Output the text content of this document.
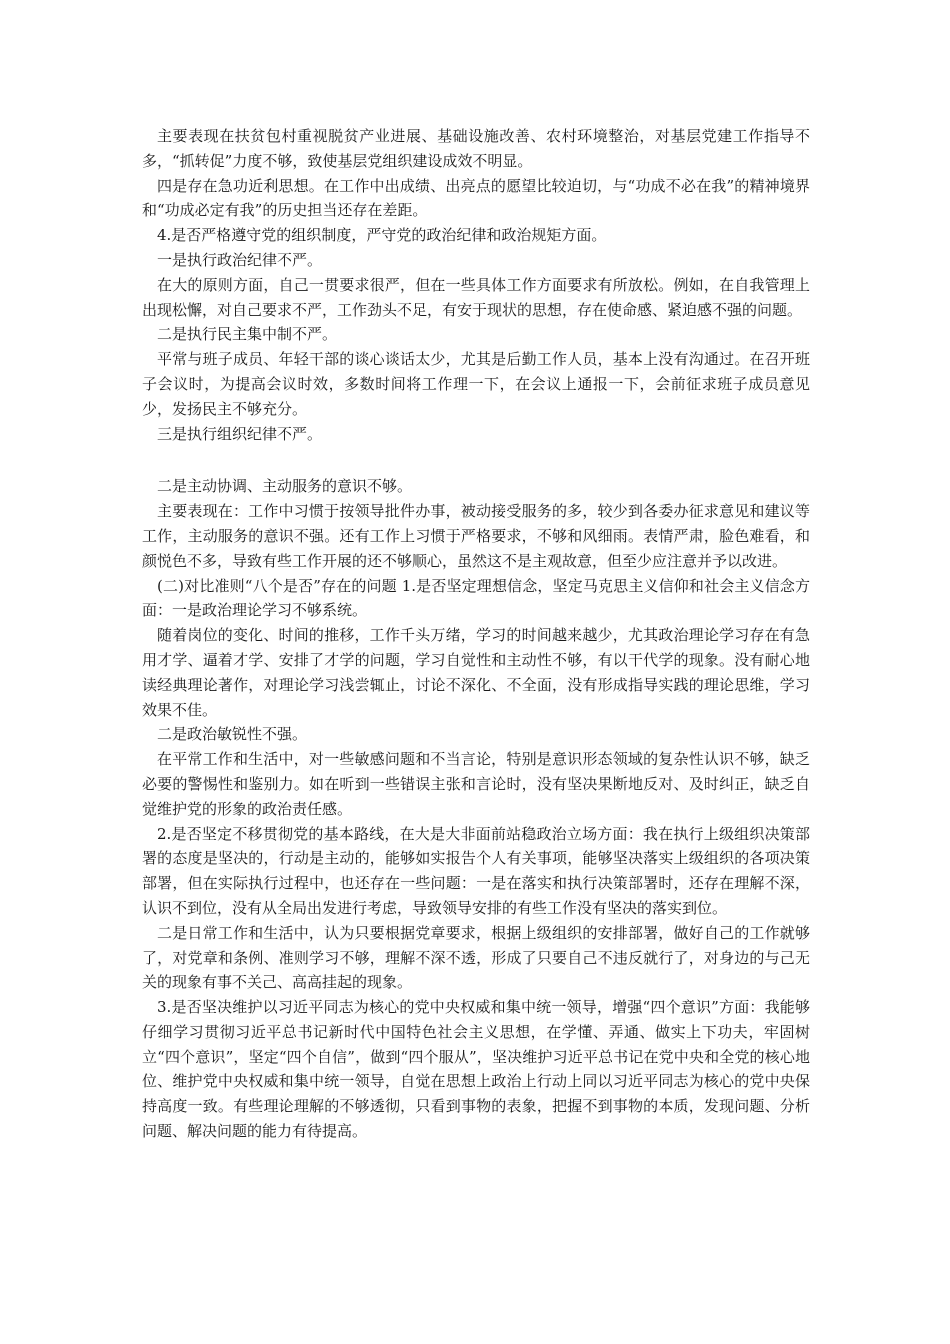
主要表现在扶贫包村重视脱贫产业进展、基础设施改善、农村环境整治，对基层党建工作指导不多，“抓转促”力度不够，致使基层党组织建设成效不明显。

四是存在急功近利思想。在工作中出成绩、出亮点的愿望比较迫切，与“功成不必在我”的精神境界和“功成必定有我”的历史担当还存在差距。

4.是否严格遵守党的组织制度，严守党的政治纪律和政治规矩方面。

一是执行政治纪律不严。

在大的原则方面，自己一贯要求很严，但在一些具体工作方面要求有所放松。例如，在自我管理上出现松懈，对自己要求不严，工作劲头不足，有安于现状的思想，存在使命感、紧迫感不强的问题。

二是执行民主集中制不严。

平常与班子成员、年轻干部的谈心谈话太少，尤其是后勤工作人员，基本上没有沟通过。在召开班子会议时，为提高会议时效，多数时间将工作理一下，在会议上通报一下，会前征求班子成员意见少，发扬民主不够充分。

三是执行组织纪律不严。

二是主动协调、主动服务的意识不够。

主要表现在：工作中习惯于按领导批件办事，被动接受服务的多，较少到各委办征求意见和建议等工作，主动服务的意识不强。还有工作上习惯于严格要求，不够和风细雨。表情严肃，脸色难看，和颜悦色不多，导致有些工作开展的还不够顺心，虽然这不是主观故意，但至少应注意并予以改进。

(二)对比准则“八个是否”存在的问题 1.是否坚定理想信念，坚定马克思主义信仰和社会主义信念方面：一是政治理论学习不够系统。

随着岗位的变化、时间的推移，工作千头万绪，学习的时间越来越少，尤其政治理论学习存在有急用才学、逼着才学、安排了才学的问题，学习自觉性和主动性不够，有以干代学的现象。没有耐心地读经典理论著作，对理论学习浅尝辄止，讨论不深化、不全面，没有形成指导实践的理论思维，学习效果不佳。

二是政治敏锐性不强。

在平常工作和生活中，对一些敏感问题和不当言论，特别是意识形态领域的复杂性认识不够，缺乏必要的警惕性和鉴别力。如在听到一些错误主张和言论时，没有坚决果断地反对、及时纠正，缺乏自觉维护党的形象的政治责任感。

2.是否坚定不移贯彻党的基本路线，在大是大非面前站稳政治立场方面：我在执行上级组织决策部署的态度是坚决的，行动是主动的，能够如实报告个人有关事项，能够坚决落实上级组织的各项决策部署，但在实际执行过程中，也还存在一些问题：一是在落实和执行决策部署时，还存在理解不深，认识不到位，没有从全局出发进行考虑，导致领导安排的有些工作没有坚决的落实到位。

二是日常工作和生活中，认为只要根据党章要求，根据上级组织的安排部署，做好自己的工作就够了，对党章和条例、准则学习不够，理解不深不透，形成了只要自己不违反就行了，对身边的与己无关的现象有事不关己、高高挂起的现象。

3.是否坚决维护以习近平同志为核心的党中央权威和集中统一领导，增强“四个意识”方面：我能够仔细学习贯彻习近平总书记新时代中国特色社会主义思想，在学懂、弄通、做实上下功夫，牢固树立“四个意识”，坚定“四个自信”，做到“四个服从”，坚决维护习近平总书记在党中央和全党的核心地位、维护党中央权威和集中统一领导，自觉在思想上政治上行动上同以习近平同志为核心的党中央保持高度一致。有些理论理解的不够透彻，只看到事物的表象，把握不到事物的本质，发现问题、分析问题、解决问题的能力有待提高。
